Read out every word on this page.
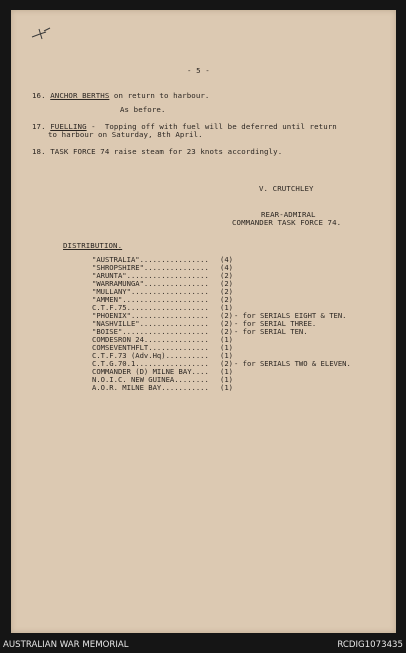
- 5 -
16. ANCHOR BERTHS on return to harbour.
As before.
17. FUELLING -  Topping off with fuel will be deferred until return
to harbour on Saturday, 8th April.
18. TASK FORCE 74 raise steam for 23 knots accordingly.
V. CRUTCHLEY
REAR-ADMIRAL
COMMANDER TASK FORCE 74.
DISTRIBUTION.
"AUSTRALIA"................ (4)
"SHROPSHIRE"............... (4)
"ARUNTA"................... (2)
"WARRAMUNGA"............... (2)
"MULLANY".................. (2)
"AMMEN".................... (2)
C.T.F.75................... (1)
"PHOENIX".................. (2)- for SERIALS EIGHT & TEN.
"NASHVILLE"................ (2)- for SERIAL THREE.
"BOISE".................... (2)- for SERIAL TEN.
COMDESRON 24............... (1)
COMSEVENTHFLT.............. (1)
C.T.F.73 (Adv.Hq).......... (1)
C.T.G.70.1................. (2)- for SERIALS TWO & ELEVEN.
COMMANDER (D) MILNE BAY.... (1)
N.O.I.C. NEW GUINEA........ (1)
A.O.R. MILNE BAY........... (1)
AUSTRALIAN WAR MEMORIAL	RCDIG1073435
